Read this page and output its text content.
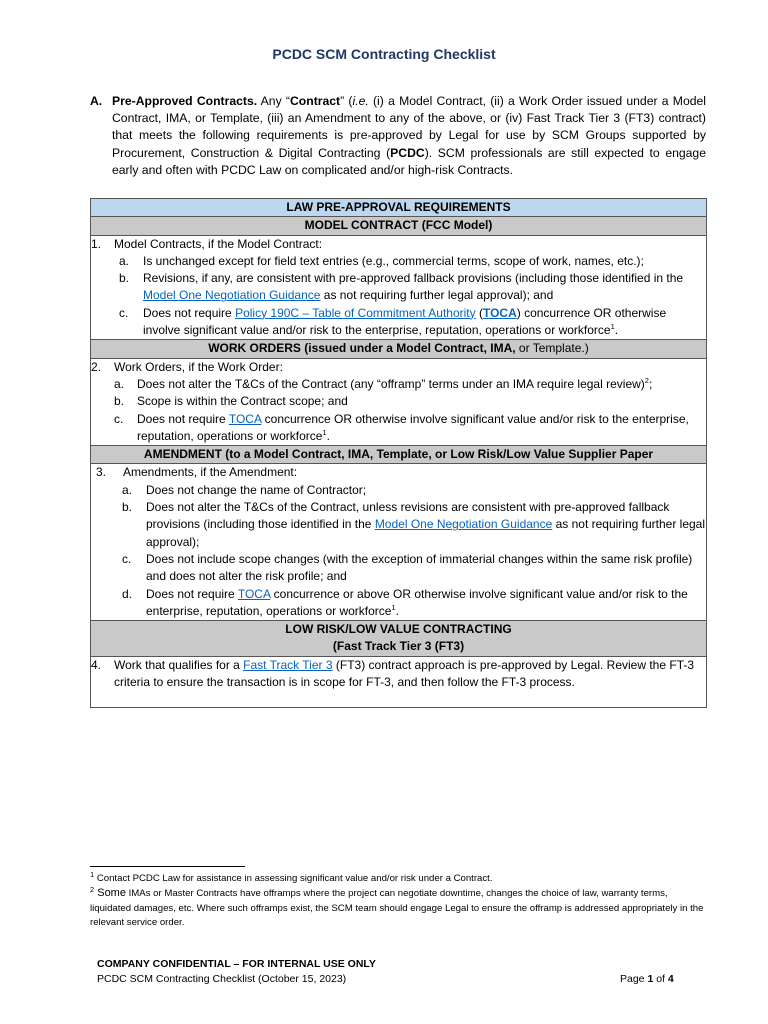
PCDC SCM Contracting Checklist
A. Pre-Approved Contracts. Any “Contract” (i.e. (i) a Model Contract, (ii) a Work Order issued under a Model Contract, IMA, or Template, (iii) an Amendment to any of the above, or (iv) Fast Track Tier 3 (FT3) contract) that meets the following requirements is pre-approved by Legal for use by SCM Groups supported by Procurement, Construction & Digital Contracting (PCDC). SCM professionals are still expected to engage early and often with PCDC Law on complicated and/or high-risk Contracts.
LAW PRE-APPROVAL REQUIREMENTS
MODEL CONTRACT (FCC Model)

1.	Model Contracts, if the Model Contract:
a. Is unchanged except for field text entries (e.g., commercial terms, scope of work, names, etc.);
b. Revisions, if any, are consistent with pre-approved fallback provisions (including those identified in the Model One Negotiation Guidance as not requiring further legal approval); and
c. Does not require Policy 190C – Table of Commitment Authority (TOCA) concurrence OR otherwise involve significant value and/or risk to the enterprise, reputation, operations or workforce$^1$.

WORK ORDERS (issued under a Model Contract, IMA, or Template.)

2.	Work Orders, if the Work Order:
a. Does not alter the T&Cs of the Contract (any “offramp” terms under an IMA require legal review)$^2$;
b. Scope is within the Contract scope; and
c. Does not require TOCA concurrence OR otherwise involve significant value and/or risk to the enterprise, reputation, operations or workforce$^1$.

AMENDMENT (to a Model Contract, IMA, Template, or Low Risk/Low Value Supplier Paper

3.	Amendments, if the Amendment:
a. Does not change the name of Contractor;
b. Does not alter the T&Cs of the Contract, unless revisions are consistent with pre-approved fallback provisions (including those identified in the Model One Negotiation Guidance as not requiring further legal approval);
c. Does not include scope changes (with the exception of immaterial changes within the same risk profile) and does not alter the risk profile; and
d. Does not require TOCA concurrence or above OR otherwise involve significant value and/or risk to the enterprise, reputation, operations or workforce$^1$.

LOW RISK/LOW VALUE CONTRACTING
(Fast Track Tier 3 (FT3)

4.	Work that qualifies for a Fast Track Tier 3 (FT3) contract approach is pre-approved by Legal. Review the FT-3 criteria to ensure the transaction is in scope for FT-3, and then follow the FT-3 process.
$^1$ Contact PCDC Law for assistance in assessing significant value and/or risk under a Contract.
$^2$ Some IMAs or Master Contracts have offramps where the project can negotiate downtime, changes the choice of law, warranty terms, liquidated damages, etc. Where such offramps exist, the SCM team should engage Legal to ensure the offramp is addressed appropriately in the relevant service order.
COMPANY CONFIDENTIAL – FOR INTERNAL USE ONLY
PCDC SCM Contracting Checklist (October 15, 2023)	Page 1 of 4
